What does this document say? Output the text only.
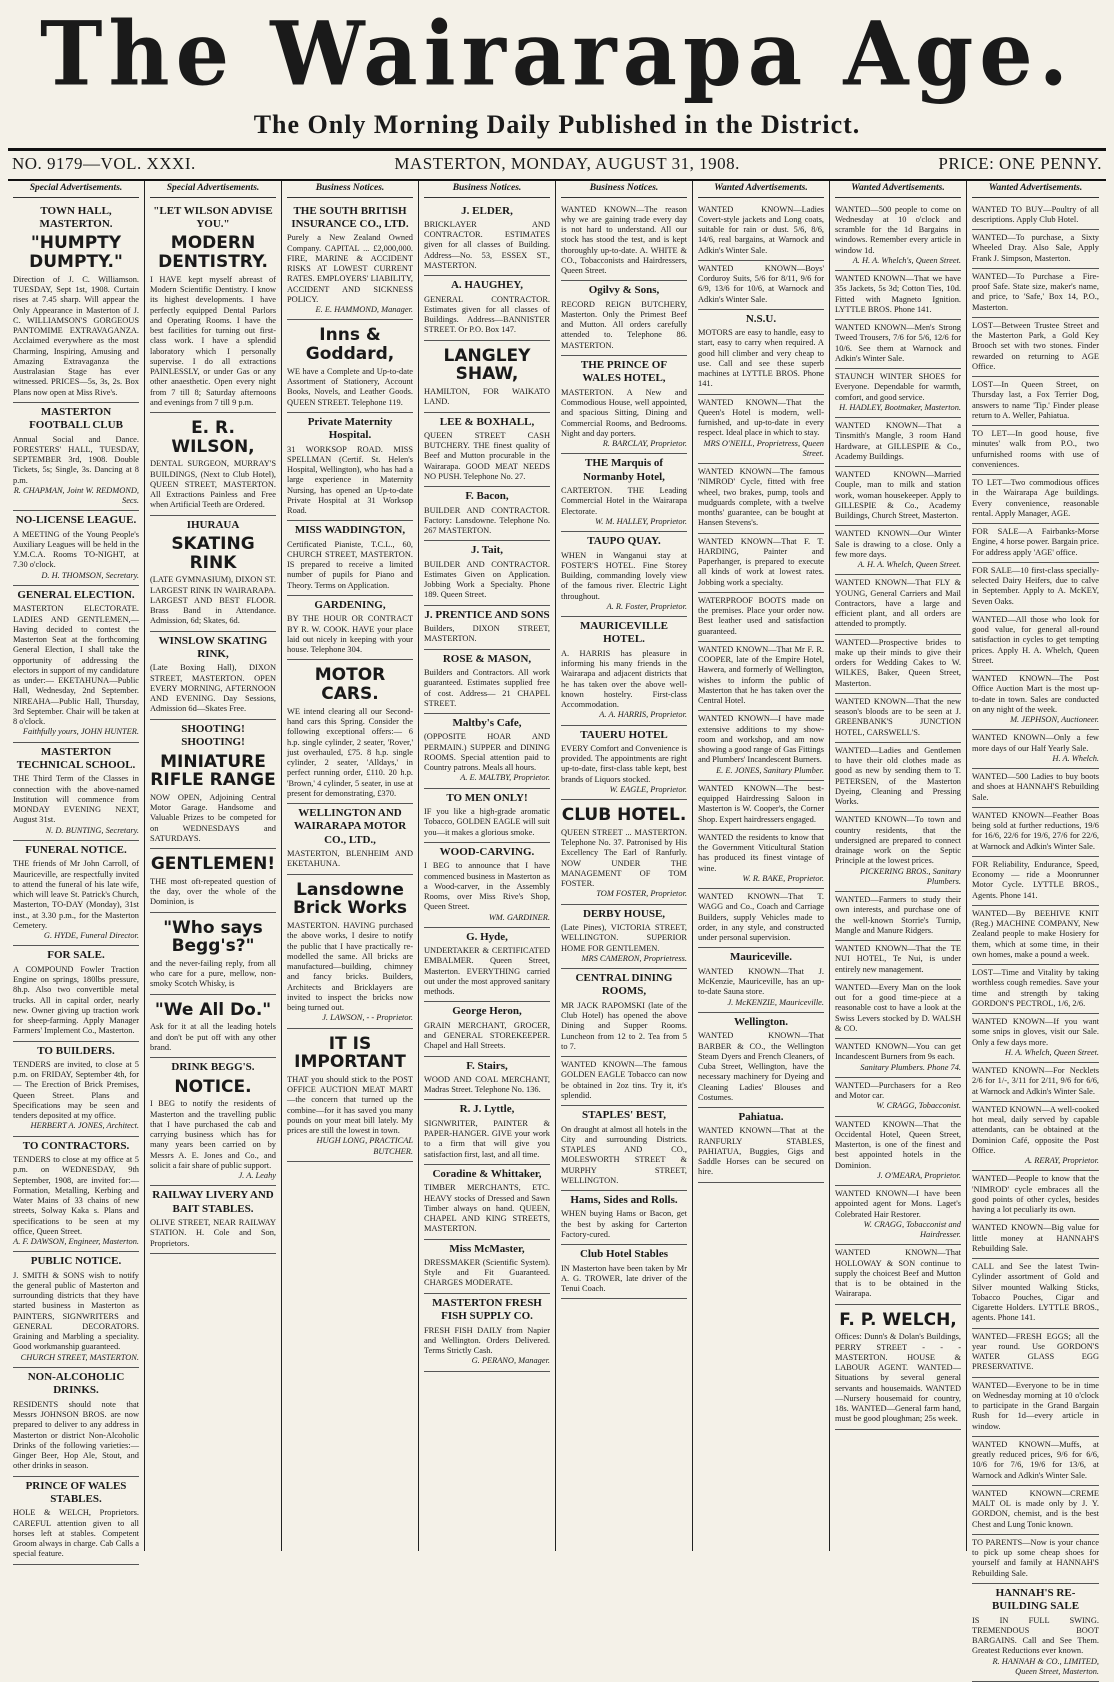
The Wairarapa Age.
The Only Morning Daily Published in the District.
NO. 9179—VOL. XXXI.	MASTERTON, MONDAY, AUGUST 31, 1908.	PRICE: ONE PENNY.
Special Advertisements.
TOWN HALL, MASTERTON.
"HUMPTY DUMPTY."
Direction of J. C. Williamson. TUESDAY, Sept 1st, 1908. Curtain rises at 7.45 sharp. Will appear the Only Appearance in Masterton of J. C. WILLIAMSON'S GORGEOUS PANTOMIME EXTRAVAGANZA. Acclaimed everywhere as the most Charming, Inspiring, Amusing and Amazing Extravaganza the Australasian Stage has ever witnessed. PRICES—5s, 3s, 2s. Box Plans now open at Miss Rive's.
MASTERTON FOOTBALL CLUB
Annual Social and Dance. FORESTERS' HALL, TUESDAY, SEPTEMBER 3rd, 1908. Double Tickets, 5s; Single, 3s. Dancing at 8 p.m.
R. CHAPMAN, Joint W. REDMOND, Secs.
NO-LICENSE LEAGUE.
A MEETING of the Young People's Auxiliary Leagues will be held in the Y.M.C.A. Rooms TO-NIGHT, at 7.30 o'clock.
D. H. THOMSON, Secretary.
GENERAL ELECTION.
MASTERTON ELECTORATE. LADIES AND GENTLEMEN,— Having decided to contest the Masterton Seat at the forthcoming General Election, I shall take the opportunity of addressing the electors in support of my candidature as under:— EKETAHUNA—Public Hall, Wednesday, 2nd September. NIREAHA—Public Hall, Thursday, 3rd September. Chair will be taken at 8 o'clock.
Faithfully yours, JOHN HUNTER.
MASTERTON TECHNICAL SCHOOL.
THE Third Term of the Classes in connection with the above-named Institution will commence from MONDAY EVENING NEXT, August 31st.
N. D. BUNTING, Secretary.
FUNERAL NOTICE.
THE friends of Mr John Carroll, of Mauriceville, are respectfully invited to attend the funeral of his late wife, which will leave St. Patrick's Church, Masterton, TO-DAY (Monday), 31st inst., at 3.30 p.m., for the Masterton Cemetery.
G. HYDE, Funeral Director.
FOR SALE.
A COMPOUND Fowler Traction Engine on springs, 180lbs pressure, 8h.p. Also two convertible metal trucks. All in capital order, nearly new. Owner giving up traction work for sheep-farming. Apply Manager Farmers' Implement Co., Masterton.
TO BUILDERS.
TENDERS are invited, to close at 5 p.m. on FRIDAY, September 4th, for— The Erection of Brick Premises, Queen Street. Plans and Specifications may be seen and tenders deposited at my office.
HERBERT A. JONES, Architect.
TO CONTRACTORS.
TENDERS to close at my office at 5 p.m. on WEDNESDAY, 9th September, 1908, are invited for:— Formation, Metalling, Kerbing and Water Mains of 33 chains of new streets, Solway Kaka s. Plans and specifications to be seen at my office, Queen Street.
A. F. DAWSON, Engineer, Masterton.
PUBLIC NOTICE.
J. SMITH & SONS wish to notify the general public of Masterton and surrounding districts that they have started business in Masterton as PAINTERS, SIGNWRITERS and GENERAL DECORATORS. Graining and Marbling a speciality. Good workmanship guaranteed.
CHURCH STREET, MASTERTON.
NON-ALCOHOLIC DRINKS.
RESIDENTS should note that Messrs JOHNSON BROS. are now prepared to deliver to any address in Masterton or district Non-Alcoholic Drinks of the following varieties:—Ginger Beer, Hop Ale, Stout, and other drinks in season.
PRINCE OF WALES STABLES.
HOLE & WELCH, Proprietors. CAREFUL attention given to all horses left at stables. Competent Groom always in charge. Cab Calls a special feature.
Special Advertisements.
"LET WILSON ADVISE YOU."
MODERN DENTISTRY.
I HAVE kept myself abreast of Modern Scientific Dentistry. I know its highest developments. I have perfectly equipped Dental Parlors and Operating Rooms. I have the best facilities for turning out first-class work. I have a splendid laboratory which I personally supervise. I do all extractions PAINLESSLY, or under Gas or any other anaesthetic. Open every night from 7 till 8; Saturday afternoons and evenings from 7 till 9 p.m.
E. R. WILSON,
DENTAL SURGEON, MURRAY'S BUILDINGS, (Next to Club Hotel), QUEEN STREET, MASTERTON. All Extractions Painless and Free when Artificial Teeth are Ordered.
IHURAUA
SKATING RINK
(LATE GYMNASIUM), DIXON ST. LARGEST RINK IN WAIRARAPA. LARGEST AND BEST FLOOR. Brass Band in Attendance. Admission, 6d; Skates, 6d.
WINSLOW SKATING RINK,
(Late Boxing Hall), DIXON STREET, MASTERTON. OPEN EVERY MORNING, AFTERNOON AND EVENING. Day Sessions, Admission 6d—Skates Free.
SHOOTING! SHOOTING!
MINIATURE RIFLE RANGE
NOW OPEN, Adjoining Central Motor Garage. Handsome and Valuable Prizes to be competed for on WEDNESDAYS and SATURDAYS.
GENTLEMEN!
THE most oft-repeated question of the day, over the whole of the Dominion, is
"Who says Begg's?"
and the never-failing reply, from all who care for a pure, mellow, non-smoky Scotch Whisky, is
"We All Do."
Ask for it at all the leading hotels and don't be put off with any other brand.
DRINK BEGG'S.
NOTICE.
I BEG to notify the residents of Masterton and the travelling public that I have purchased the cab and carrying business which has for many years been carried on by Messrs A. E. Jones and Co., and solicit a fair share of public support.
J. A. Leahy
RAILWAY LIVERY AND BAIT STABLES.
OLIVE STREET, NEAR RAILWAY STATION. H. Cole and Son, Proprietors.
Business Notices.
THE SOUTH BRITISH INSURANCE CO., LTD.
Purely a New Zealand Owned Company. CAPITAL ... £2,000,000. FIRE, MARINE & ACCIDENT RISKS AT LOWEST CURRENT RATES. EMPLOYERS' LIABILITY, ACCIDENT AND SICKNESS POLICY.
E. E. HAMMOND, Manager.
Inns & Goddard,
WE have a Complete and Up-to-date Assortment of Stationery, Account Books, Novels, and Leather Goods. QUEEN STREET. Telephone 119.
Private Maternity Hospital.
31 WORKSOP ROAD. MISS SPELLMAN (Certif. St. Helen's Hospital, Wellington), who has had a large experience in Maternity Nursing, has opened an Up-to-date Private Hospital at 31 Worksop Road.
MISS WADDINGTON,
Certificated Pianiste, T.C.L., 60, CHURCH STREET, MASTERTON. IS prepared to receive a limited number of pupils for Piano and Theory. Terms on Application.
GARDENING,
BY THE HOUR OR CONTRACT BY R. W. COOK. HAVE your place laid out nicely in keeping with your house. Telephone 304.
MOTOR CARS.
WE intend clearing all our Second-hand cars this Spring. Consider the following exceptional offers:— 6 h.p. single cylinder, 2 seater, 'Rover,' just overhauled, £75. 8 h.p. single cylinder, 2 seater, 'Alldays,' in perfect running order, £110. 20 h.p. 'Brown,' 4 cylinder, 5 seater, in use at present for demonstrating, £370.
WELLINGTON AND WAIRARAPA MOTOR CO., LTD.,
MASTERTON, BLENHEIM AND EKETAHUNA.
Lansdowne Brick Works
MASTERTON. HAVING purchased the above works, I desire to notify the public that I have practically re-modelled the same. All bricks are manufactured—building, chimney and fancy bricks. Builders, Architects and Bricklayers are invited to inspect the bricks now being turned out.
J. LAWSON, - - Proprietor.
IT IS IMPORTANT
THAT you should stick to the POST OFFICE AUCTION MEAT MART—the concern that turned up the combine—for it has saved you many pounds on your meat bill lately. My prices are still the lowest in town.
HUGH LONG, PRACTICAL BUTCHER.
Business Notices.
J. ELDER,
BRICKLAYER AND CONTRACTOR. ESTIMATES given for all classes of Building. Address—No. 53, ESSEX ST., MASTERTON.
A. HAUGHEY,
GENERAL CONTRACTOR. Estimates given for all classes of Buildings. Address—BANNISTER STREET. Or P.O. Box 147.
LANGLEY SHAW,
HAMILTON, FOR WAIKATO LAND.
LEE & BOXHALL,
QUEEN STREET CASH BUTCHERY. THE finest quality of Beef and Mutton procurable in the Wairarapa. GOOD MEAT NEEDS NO PUSH. Telephone No. 27.
F. Bacon,
BUILDER AND CONTRACTOR. Factory: Lansdowne. Telephone No. 267 MASTERTON.
J. Tait,
BUILDER AND CONTRACTOR. Estimates Given on Application. Jobbing Work a Specialty. Phone 189. Queen Street.
J. PRENTICE AND SONS
Builders, DIXON STREET, MASTERTON.
ROSE & MASON,
Builders and Contractors. All work guaranteed. Estimates supplied free of cost. Address— 21 CHAPEL STREET.
Maltby's Cafe,
(OPPOSITE HOAR AND PERMAIN.) SUPPER and DINING ROOMS. Special attention paid to Country patrons. Meals all hours.
A. E. MALTBY, Proprietor.
TO MEN ONLY!
IF you like a high-grade aromatic Tobacco, GOLDEN EAGLE will suit you—it makes a glorious smoke.
WOOD-CARVING.
I BEG to announce that I have commenced business in Masterton as a Wood-carver, in the Assembly Rooms, over Miss Rive's Shop, Queen Street.
WM. GARDINER.
G. Hyde,
UNDERTAKER & CERTIFICATED EMBALMER. Queen Street, Masterton. EVERYTHING carried out under the most approved sanitary methods.
George Heron,
GRAIN MERCHANT, GROCER, and GENERAL STOREKEEPER. Chapel and Hall Streets.
F. Stairs,
WOOD AND COAL MERCHANT, Madras Street. Telephone No. 136.
R. J. Lyttle,
SIGNWRITER, PAINTER & PAPER-HANGER. GIVE your work to a firm that will give you satisfaction first, last, and all time.
Coradine & Whittaker,
TIMBER MERCHANTS, ETC. HEAVY stocks of Dressed and Sawn Timber always on hand. QUEEN, CHAPEL AND KING STREETS, MASTERTON.
Miss McMaster,
DRESSMAKER (Scientific System). Style and Fit Guaranteed. CHARGES MODERATE.
MASTERTON FRESH FISH SUPPLY CO.
FRESH FISH DAILY from Napier and Wellington. Orders Delivered. Terms Strictly Cash.
G. PERANO, Manager.
Business Notices.
WANTED KNOWN—The reason why we are gaining trade every day is not hard to understand. All our stock has stood the test, and is kept thoroughly up-to-date. A. WHITE & CO., Tobacconists and Hairdressers, Queen Street.
Ogilvy & Sons,
RECORD REIGN BUTCHERY, Masterton. Only the Primest Beef and Mutton. All orders carefully attended to. Telephone 86. MASTERTON.
THE PRINCE OF WALES HOTEL,
MASTERTON. A New and Commodious House, well appointed, and spacious Sitting, Dining and Commercial Rooms, and Bedrooms. Night and day porters.
R. BARCLAY, Proprietor.
THE Marquis of Normanby Hotel,
CARTERTON. THE Leading Commercial Hotel in the Wairarapa Electorate.
W. M. HALLEY, Proprietor.
TAUPO QUAY.
WHEN in Wanganui stay at FOSTER'S HOTEL. Fine Storey Building, commanding lovely view of the famous river. Electric Light throughout.
A. R. Foster, Proprietor.
MAURICEVILLE HOTEL.
A. HARRIS has pleasure in informing his many friends in the Wairarapa and adjacent districts that he has taken over the above well-known hostelry. First-class Accommodation.
A. A. HARRIS, Proprietor.
TAUERU HOTEL
EVERY Comfort and Convenience is provided. The appointments are right up-to-date, first-class table kept, best brands of Liquors stocked.
W. EAGLE, Proprietor.
CLUB HOTEL.
QUEEN STREET ... MASTERTON. Telephone No. 37. Patronised by His Excellency The Earl of Ranfurly. NOW UNDER THE MANAGEMENT OF TOM FOSTER.
TOM FOSTER, Proprietor.
DERBY HOUSE,
(Late Pines), VICTORIA STREET, WELLINGTON. SUPERIOR HOME FOR GENTLEMEN.
MRS CAMERON, Proprietress.
CENTRAL DINING ROOMS,
MR JACK RAPOMSKI (late of the Club Hotel) has opened the above Dining and Supper Rooms. Luncheon from 12 to 2. Tea from 5 to 7.
WANTED KNOWN—The famous GOLDEN EAGLE Tobacco can now be obtained in 2oz tins. Try it, it's splendid.
STAPLES' BEST,
On draught at almost all hotels in the City and surrounding Districts. STAPLES AND CO., MOLESWORTH STREET & MURPHY STREET, WELLINGTON.
Hams, Sides and Rolls.
WHEN buying Hams or Bacon, get the best by asking for Carterton Factory-cured.
Club Hotel Stables
IN Masterton have been taken by Mr A. G. TROWER, late driver of the Tenui Coach.
Wanted Advertisements.
WANTED KNOWN—Ladies Covert-style jackets and Long coats, suitable for rain or dust. 5/6, 8/6, 14/6, real bargains, at Warnock and Adkin's Winter Sale.
WANTED KNOWN—Boys' Corduroy Suits, 5/6 for 8/11, 9/6 for 6/9, 13/6 for 10/6, at Warnock and Adkin's Winter Sale.
N.S.U.
MOTORS are easy to handle, easy to start, easy to carry when required. A good hill climber and very cheap to use. Call and see these superb machines at LYTTLE BROS. Phone 141.
WANTED KNOWN—That the Queen's Hotel is modern, well-furnished, and up-to-date in every respect. Ideal place in which to stay.
MRS O'NEILL, Proprietress, Queen Street.
WANTED KNOWN—The famous 'NIMROD' Cycle, fitted with free wheel, two brakes, pump, tools and mudguards complete, with a twelve months' guarantee, can be bought at Hansen Stevens's.
WANTED KNOWN—That F. T. HARDING, Painter and Paperhanger, is prepared to execute all kinds of work at lowest rates. Jobbing work a specialty.
WATERPROOF BOOTS made on the premises. Place your order now. Best leather used and satisfaction guaranteed.
WANTED KNOWN—That Mr F. R. COOPER, late of the Empire Hotel, Hawera, and formerly of Wellington, wishes to inform the public of Masterton that he has taken over the Central Hotel.
WANTED KNOWN—I have made extensive additions to my show-room and workshop, and am now showing a good range of Gas Fittings and Plumbers' Incandescent Burners.
E. E. JONES, Sanitary Plumber.
WANTED KNOWN—The best-equipped Hairdressing Saloon in Masterton is W. Cooper's, the Corner Shop. Expert hairdressers engaged.
WANTED the residents to know that the Government Viticultural Station has produced its finest vintage of wine.
W. R. BAKE, Proprietor.
WANTED KNOWN—That T. WAGG and Co., Coach and Carriage Builders, supply Vehicles made to order, in any style, and constructed under personal supervision.
Mauriceville.
WANTED KNOWN—That J. McKenzie, Mauriceville, has an up-to-date Sauna store.
J. McKENZIE, Mauriceville.
Wellington.
WANTED KNOWN—That BARBER & CO., the Wellington Steam Dyers and French Cleaners, of Cuba Street, Wellington, have the necessary machinery for Dyeing and Cleaning Ladies' Blouses and Costumes.
Pahiatua.
WANTED KNOWN—That at the RANFURLY STABLES, PAHIATUA, Buggies, Gigs and Saddle Horses can be secured on hire.
Wanted Advertisements.
WANTED—500 people to come on Wednesday at 10 o'clock and scramble for the 1d Bargains in windows. Remember every article in window 1d.
A. H. A. Whelch's, Queen Street.
WANTED KNOWN—That we have 35s Jackets, 5s 3d; Cotton Ties, 10d. Fitted with Magneto Ignition. LYTTLE BROS. Phone 141.
WANTED KNOWN—Men's Strong Tweed Trousers, 7/6 for 5/6, 12/6 for 10/6. See them at Warnock and Adkin's Winter Sale.
STAUNCH WINTER SHOES for Everyone. Dependable for warmth, comfort, and good service.
H. HADLEY, Bootmaker, Masterton.
WANTED KNOWN—That a Tinsmith's Mangle, 3 room Hand Hardware, at GILLESPIE & Co., Academy Buildings.
WANTED KNOWN—Married Couple, man to milk and station work, woman housekeeper. Apply to GILLESPIE & Co., Academy Buildings, Church Street, Masterton.
WANTED KNOWN—Our Winter Sale is drawing to a close. Only a few more days.
A. H. A. Whelch, Queen Street.
WANTED KNOWN—That FLY & YOUNG, General Carriers and Mail Contractors, have a large and efficient plant, and all orders are attended to promptly.
WANTED—Prospective brides to make up their minds to give their orders for Wedding Cakes to W. WILKES, Baker, Queen Street, Masterton.
WANTED KNOWN—That the new season's bloods are to be seen at J. GREENBANK'S JUNCTION HOTEL, CARSWELL'S.
WANTED—Ladies and Gentlemen to have their old clothes made as good as new by sending them to T. PETERSEN, of the Masterton Dyeing, Cleaning and Pressing Works.
WANTED KNOWN—To town and country residents, that the undersigned are prepared to connect drainage work on the Septic Principle at the lowest prices.
PICKERING BROS., Sanitary Plumbers.
WANTED—Farmers to study their own interests, and purchase one of the well-known Storrie's Turnip, Mangle and Manure Ridgers.
WANTED KNOWN—That the TE NUI HOTEL, Te Nui, is under entirely new management.
WANTED—Every Man on the look out for a good time-piece at a reasonable cost to have a look at the Swiss Levers stocked by D. WALSH & CO.
WANTED KNOWN—You can get Incandescent Burners from 9s each.
Sanitary Plumbers. Phone 74.
WANTED—Purchasers for a Reo and Motor car.
W. CRAGG, Tobacconist.
WANTED KNOWN—That the Occidental Hotel, Queen Street, Masterton, is one of the finest and best appointed hotels in the Dominion.
J. O'MEARA, Proprietor.
WANTED KNOWN—I have been appointed agent for Mons. Laget's Colebrated Hair Restorer.
W. CRAGG, Tobacconist and Hairdresser.
WANTED KNOWN—That HOLLOWAY & SON continue to supply the choicest Beef and Mutton that is to be obtained in the Wairarapa.
F. P. WELCH,
Offices: Dunn's & Dolan's Buildings, PERRY STREET - - - MASTERTON. HOUSE & LABOUR AGENT. WANTED—Situations by several general servants and housemaids. WANTED—Nursery housemaid for country, 18s. WANTED—General farm hand, must be good ploughman; 25s week.
Wanted Advertisements.
WANTED TO BUY—Poultry of all descriptions. Apply Club Hotel.
WANTED—To purchase, a Sixty Wheeled Dray. Also Sale, Apply Frank J. Simpson, Masterton.
WANTED—To Purchase a Fire-proof Safe. State size, maker's name, and price, to 'Safe,' Box 14, P.O., Masterton.
LOST—Between Trustee Street and the Masterton Park, a Gold Key Brooch set with two stones. Finder rewarded on returning to AGE Office.
LOST—In Queen Street, on Thursday last, a Fox Terrier Dog, answers to name 'Tip.' Finder please return to A. Weller, Pahiatua.
TO LET—In good house, five minutes' walk from P.O., two unfurnished rooms with use of conveniences.
TO LET—Two commodious offices in the Wairarapa Age buildings. Every convenience, reasonable rental. Apply Manager, AGE.
FOR SALE—A Fairbanks-Morse Engine, 4 horse power. Bargain price. For address apply 'AGE' office.
FOR SALE—10 first-class specially-selected Dairy Heifers, due to calve in September. Apply to A. McKEY, Seven Oaks.
WANTED—All those who look for good value, for general all-round satisfaction in cycles to get tempting prices. Apply H. A. Whelch, Queen Street.
WANTED KNOWN—The Post Office Auction Mart is the most up-to-date in town. Sales are conducted on any night of the week.
M. JEPHSON, Auctioneer.
WANTED KNOWN—Only a few more days of our Half Yearly Sale.
H. A. Whelch.
WANTED—500 Ladies to buy boots and shoes at HANNAH'S Rebuilding Sale.
WANTED KNOWN—Feather Boas being sold at further reductions, 19/6 for 16/6, 22/6 for 19/6, 27/6 for 22/6, at Warnock and Adkin's Winter Sale.
FOR Reliability, Endurance, Speed, Economy — ride a Moonrunner Motor Cycle. LYTTLE BROS., Agents. Phone 141.
WANTED—By BEEHIVE KNIT (Reg.) MACHINE COMPANY, New Zealand people to make Hosiery for them, which at some time, in their own homes, make a pound a week.
LOST—Time and Vitality by taking worthless cough remedies. Save your time and strength by taking GORDON'S PECTROL, 1/6, 2/6.
WANTED KNOWN—If you want some snips in gloves, visit our Sale. Only a few days more.
H. A. Whelch, Queen Street.
WANTED KNOWN—For Necklets 2/6 for 1/-, 3/11 for 2/11, 9/6 for 6/6, at Warnock and Adkin's Winter Sale.
WANTED KNOWN—A well-cooked hot meal, daily served by capable attendants, can be obtained at the Dominion Café, opposite the Post Office.
A. RERAY, Proprietor.
WANTED—People to know that the 'NIMROD' cycle embraces all the good points of other cycles, besides having a lot peculiarly its own.
WANTED KNOWN—Big value for little money at HANNAH'S Rebuilding Sale.
CALL and See the latest Twin-Cylinder assortment of Gold and Silver mounted Walking Sticks, Tobacco Pouches, Cigar and Cigarette Holders. LYTTLE BROS., agents. Phone 141.
WANTED—FRESH EGGS; all the year round. Use GORDON'S WATER GLASS EGG PRESERVATIVE.
WANTED—Everyone to be in time on Wednesday morning at 10 o'clock to participate in the Grand Bargain Rush for 1d—every article in window.
WANTED KNOWN—Muffs, at greatly reduced prices, 9/6 for 6/6, 10/6 for 7/6, 19/6 for 13/6, at Warnock and Adkin's Winter Sale.
WANTED KNOWN—CREME MALT OL is made only by J. Y. GORDON, chemist, and is the best Chest and Lung Tonic known.
TO PARENTS—Now is your chance to pick up some cheap shoes for yourself and family at HANNAH'S Rebuilding Sale.
HANNAH'S RE-BUILDING SALE
IS IN FULL SWING. TREMENDOUS BOOT BARGAINS. Call and See Them. Greatest Reductions ever known.
R. HANNAH & CO., LIMITED, Queen Street, Masterton.
